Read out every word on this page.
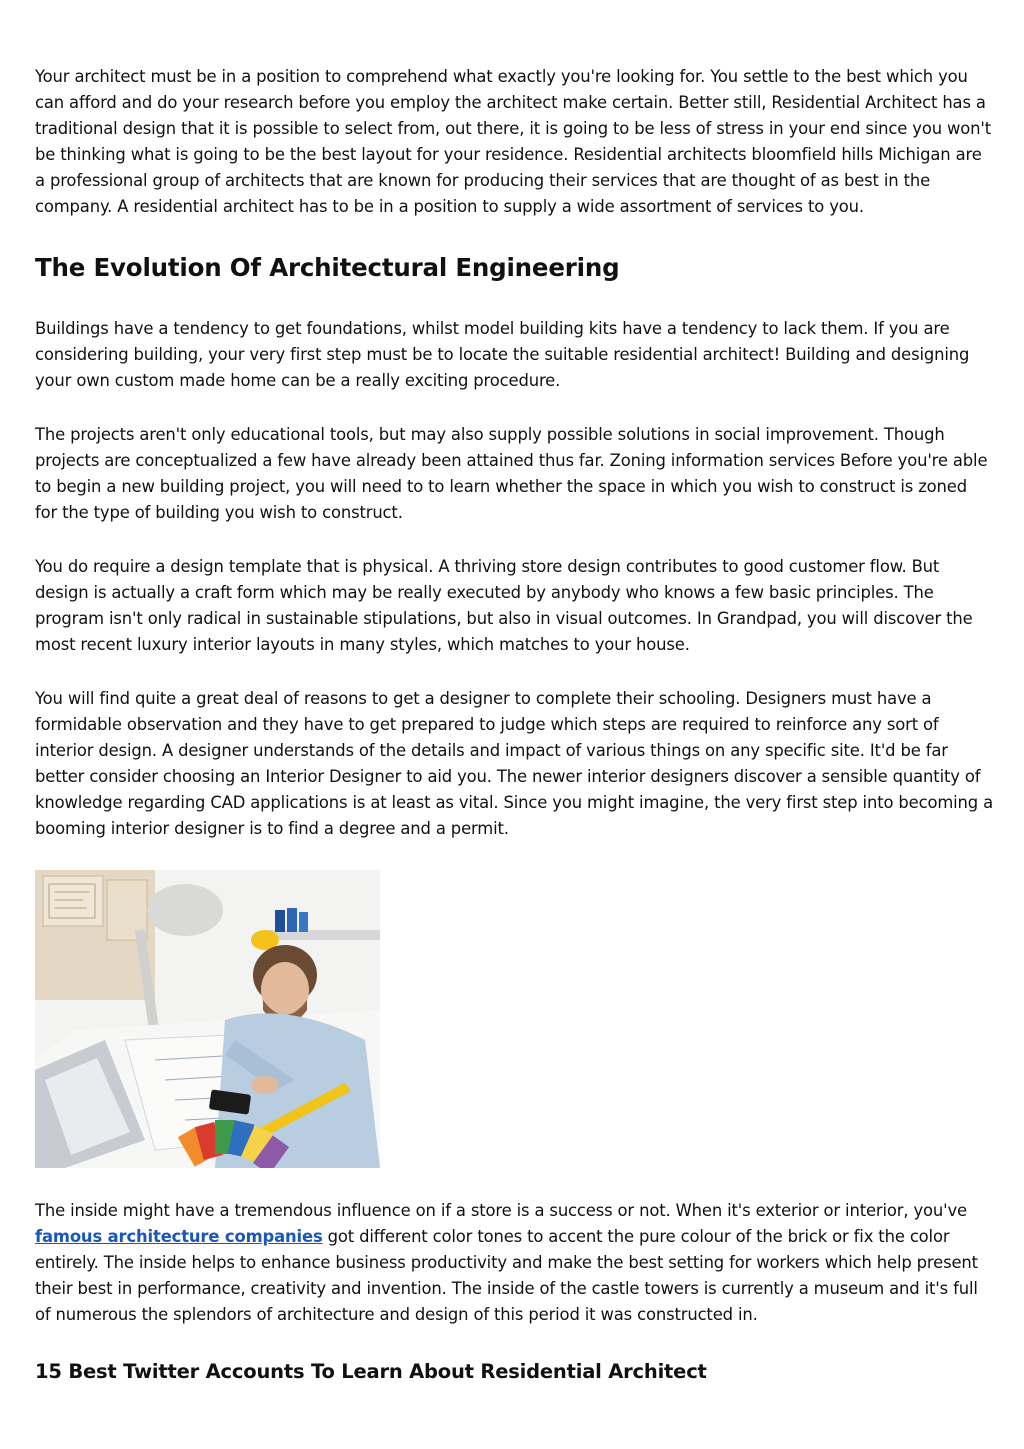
Your architect must be in a position to comprehend what exactly you're looking for. You settle to the best which you can afford and do your research before you employ the architect make certain. Better still, Residential Architect has a traditional design that it is possible to select from, out there, it is going to be less of stress in your end since you won't be thinking what is going to be the best layout for your residence. Residential architects bloomfield hills Michigan are a professional group of architects that are known for producing their services that are thought of as best in the company. A residential architect has to be in a position to supply a wide assortment of services to you.

The Evolution Of Architectural Engineering

Buildings have a tendency to get foundations, whilst model building kits have a tendency to lack them. If you are considering building, your very first step must be to locate the suitable residential architect! Building and designing your own custom made home can be a really exciting procedure.

The projects aren't only educational tools, but may also supply possible solutions in social improvement. Though projects are conceptualized a few have already been attained thus far. Zoning information services Before you're able to begin a new building project, you will need to to learn whether the space in which you wish to construct is zoned for the type of building you wish to construct.

You do require a design template that is physical. A thriving store design contributes to good customer flow. But design is actually a craft form which may be really executed by anybody who knows a few basic principles. The program isn't only radical in sustainable stipulations, but also in visual outcomes. In Grandpad, you will discover the most recent luxury interior layouts in many styles, which matches to your house.

You will find quite a great deal of reasons to get a designer to complete their schooling. Designers must have a formidable observation and they have to get prepared to judge which steps are required to reinforce any sort of interior design. A designer understands of the details and impact of various things on any specific site. It'd be far better consider choosing an Interior Designer to aid you. The newer interior designers discover a sensible quantity of knowledge regarding CAD applications is at least as vital. Since you might imagine, the very first step into becoming a booming interior designer is to find a degree and a permit.

The inside might have a tremendous influence on if a store is a success or not. When it's exterior or interior, you've famous architecture companies got different color tones to accent the pure colour of the brick or fix the color entirely. The inside helps to enhance business productivity and make the best setting for workers which help present their best in performance, creativity and invention. The inside of the castle towers is currently a museum and it's full of numerous the splendors of architecture and design of this period it was constructed in.

15 Best Twitter Accounts To Learn About Residential Architect
